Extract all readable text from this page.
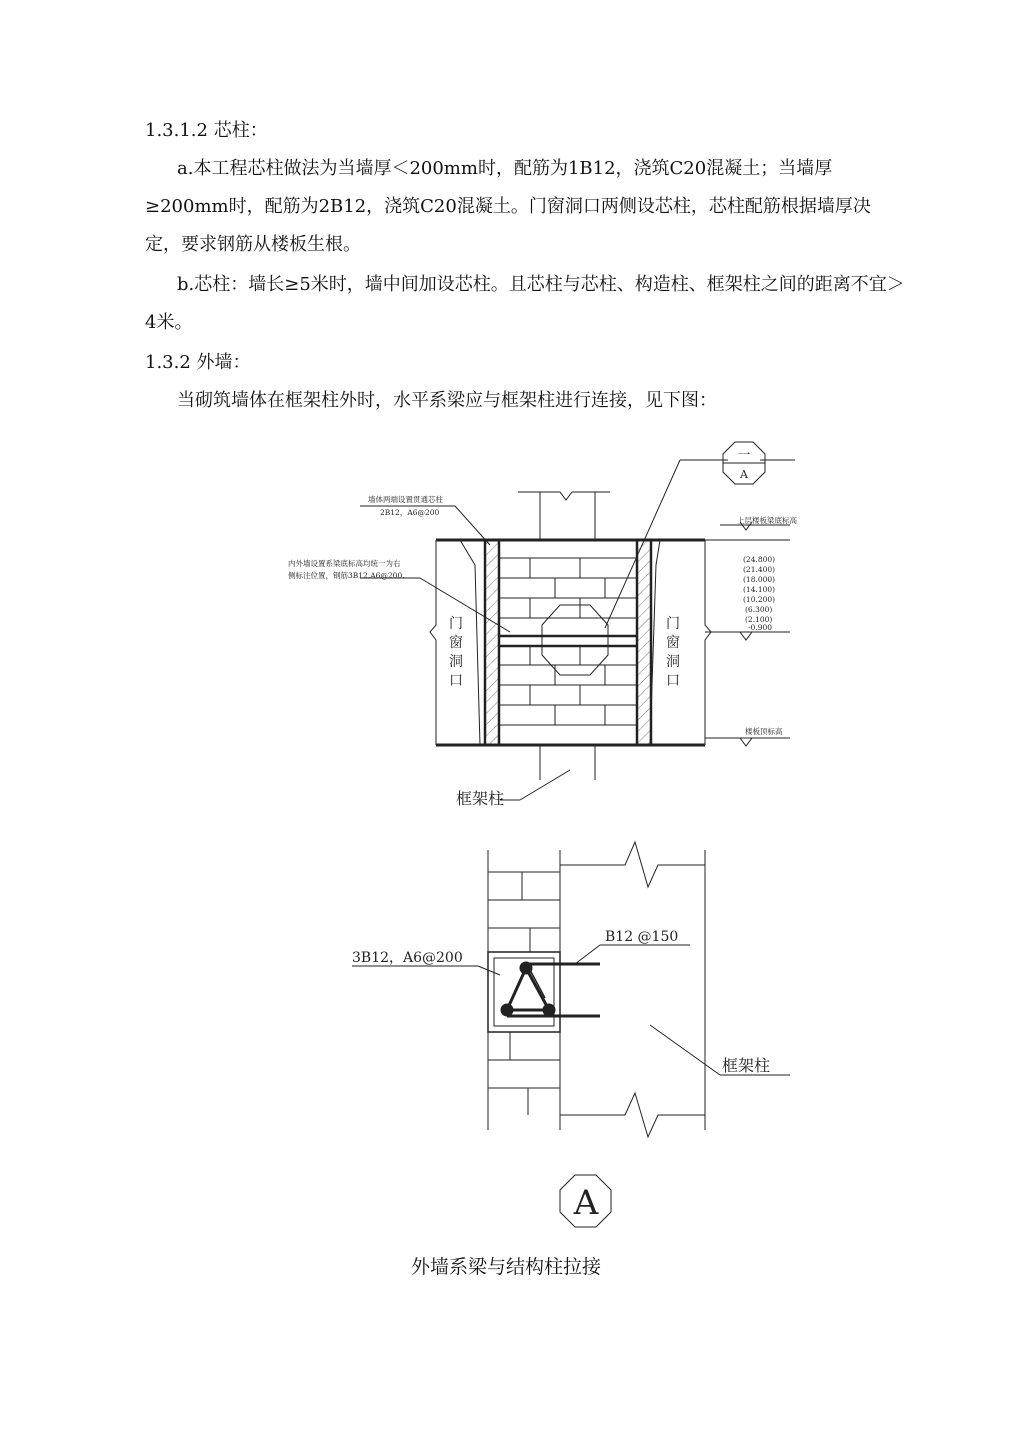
1.3.1.2 芯柱：

a.本工程芯柱做法为当墙厚＜200mm时，配筋为1B12，浇筑C20混凝土；当墙厚≥200mm时，配筋为2B12，浇筑C20混凝土。门窗洞口两侧设芯柱，芯柱配筋根据墙厚决定，要求钢筋从楼板生根。

b.芯柱：墙长≥5米时，墙中间加设芯柱。且芯柱与芯柱、构造柱、框架柱之间的距离不宜＞4米。

1.3.2 外墙：

当砌筑墙体在框架柱外时，水平系梁应与框架柱进行连接，见下图：

一
A
墙体两端设置贯通芯柱
2B12，A6@200
内外墙设置系梁底标高均统一为右
侧标注位置，钢筋3B12,A6@200.
上层楼板梁底标高
(24.800)
(21.400)
(18.000)
(14.100)
(10.200)
(6.300)
(2.100)
-0.900
楼板顶标高
门
窗
洞
口
门
窗
洞
口
框架柱
3B12，A6@200
B12 @150
框架柱
A
外墙系梁与结构柱拉接
